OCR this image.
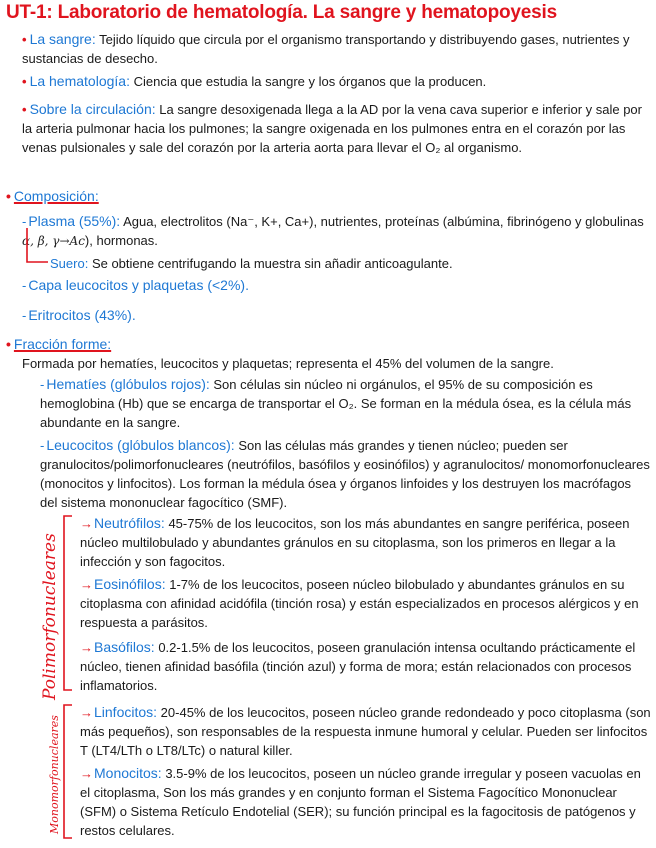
UT-1: Laboratorio de hematología. La sangre y hematopoyesis
• La sangre: Tejido líquido que circula por el organismo transportando y distribuyendo gases, nutrientes y sustancias de desecho.
• La hematología: Ciencia que estudia la sangre y los órganos que la producen.
• Sobre la circulación: La sangre desoxigenada llega a la AD por la vena cava superior e inferior y sale por la arteria pulmonar hacia los pulmones; la sangre oxigenada en los pulmones entra en el corazón por las venas pulsionales y sale del corazón por la arteria aorta para llevar el O₂ al organismo.
• Composición:
- Plasma (55%): Agua, electrolitos (Na⁻, K+, Ca+), nutrientes, proteínas (albúmina, fibrinógeno y globulinas α, β, γ→Ac), hormonas.
Suero: Se obtiene centrifugando la muestra sin añadir anticoagulante.
- Capa leucocitos y plaquetas (<2%).
- Eritrocitos (43%).
• Fracción forme:
Formada por hematíes, leucocitos y plaquetas; representa el 45% del volumen de la sangre.
- Hematíes (glóbulos rojos): Son células sin núcleo ni orgánulos, el 95% de su composición es hemoglobina (Hb) que se encarga de transportar el O₂. Se forman en la médula ósea, es la célula más abundante en la sangre.
- Leucocitos (glóbulos blancos): Son las células más grandes y tienen núcleo; pueden ser granulocitos/polimorfonucleares (neutrófilos, basófilos y eosinófilos) y agranulocitos/ monomorfonucleares (monocitos y linfocitos). Los forman la médula ósea y órganos linfoides y los destruyen los macrófagos del sistema mononuclear fagocítico (SMF).
Polimorfonucleares
→Neutrófilos: 45-75% de los leucocitos, son los más abundantes en sangre periférica, poseen núcleo multilobulado y abundantes gránulos en su citoplasma, son los primeros en llegar a la infección y son fagocitos.
→Eosinófilos: 1-7% de los leucocitos, poseen núcleo bilobulado y abundantes gránulos en su citoplasma con afinidad acidófila (tinción rosa) y están especializados en procesos alérgicos y en respuesta a parásitos.
→Basófilos: 0.2-1.5% de los leucocitos, poseen granulación intensa ocultando prácticamente el núcleo, tienen afinidad basófila (tinción azul) y forma de mora; están relacionados con procesos inflamatorios.
Monomorfonucleares
→Linfocitos: 20-45% de los leucocitos, poseen núcleo grande redondeado y poco citoplasma (son más pequeños), son responsables de la respuesta inmune humoral y celular. Pueden ser linfocitos T (LT4/LTh o LT8/LTc) o natural killer.
→Monocitos: 3.5-9% de los leucocitos, poseen un núcleo grande irregular y poseen vacuolas en el citoplasma, Son los más grandes y en conjunto forman el Sistema Fagocítico Mononuclear (SFM) o Sistema Retículo Endotelial (SER); su función principal es la fagocitosis de patógenos y restos celulares.
